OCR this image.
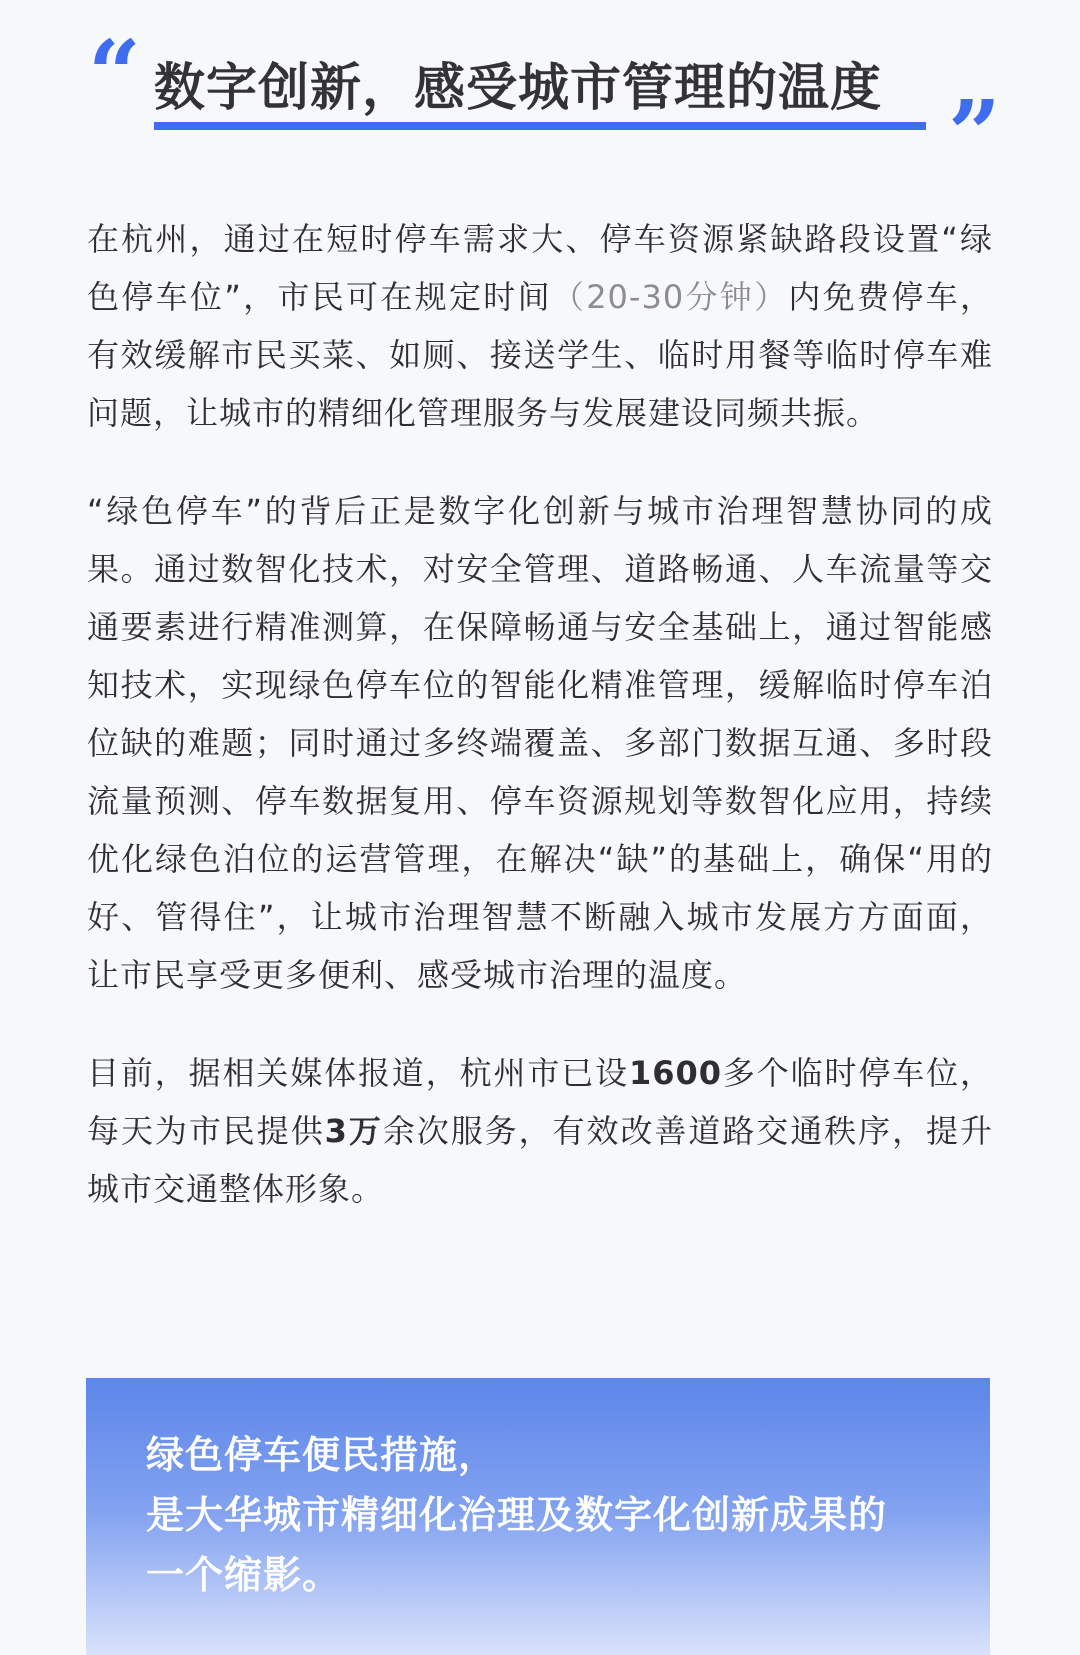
“ 数字创新，感受城市管理的温度 ”

在杭州，通过在短时停车需求大、停车资源紧缺路段设置“绿色停车位”，市民可在规定时间（20-30分钟）内免费停车，有效缓解市民买菜、如厕、接送学生、临时用餐等临时停车难问题，让城市的精细化管理服务与发展建设同频共振。

“绿色停车”的背后正是数字化创新与城市治理智慧协同的成果。通过数智化技术，对安全管理、道路畅通、人车流量等交通要素进行精准测算，在保障畅通与安全基础上，通过智能感知技术，实现绿色停车位的智能化精准管理，缓解临时停车泊位缺的难题；同时通过多终端覆盖、多部门数据互通、多时段流量预测、停车数据复用、停车资源规划等数智化应用，持续优化绿色泊位的运营管理，在解决“缺”的基础上，确保“用的好、管得住”，让城市治理智慧不断融入城市发展方方面面，让市民享受更多便利、感受城市治理的温度。

目前，据相关媒体报道，杭州市已设1600多个临时停车位，每天为市民提供3万余次服务，有效改善道路交通秩序，提升城市交通整体形象。

绿色停车便民措施，

是大华城市精细化治理及数字化创新成果的

一个缩影。
